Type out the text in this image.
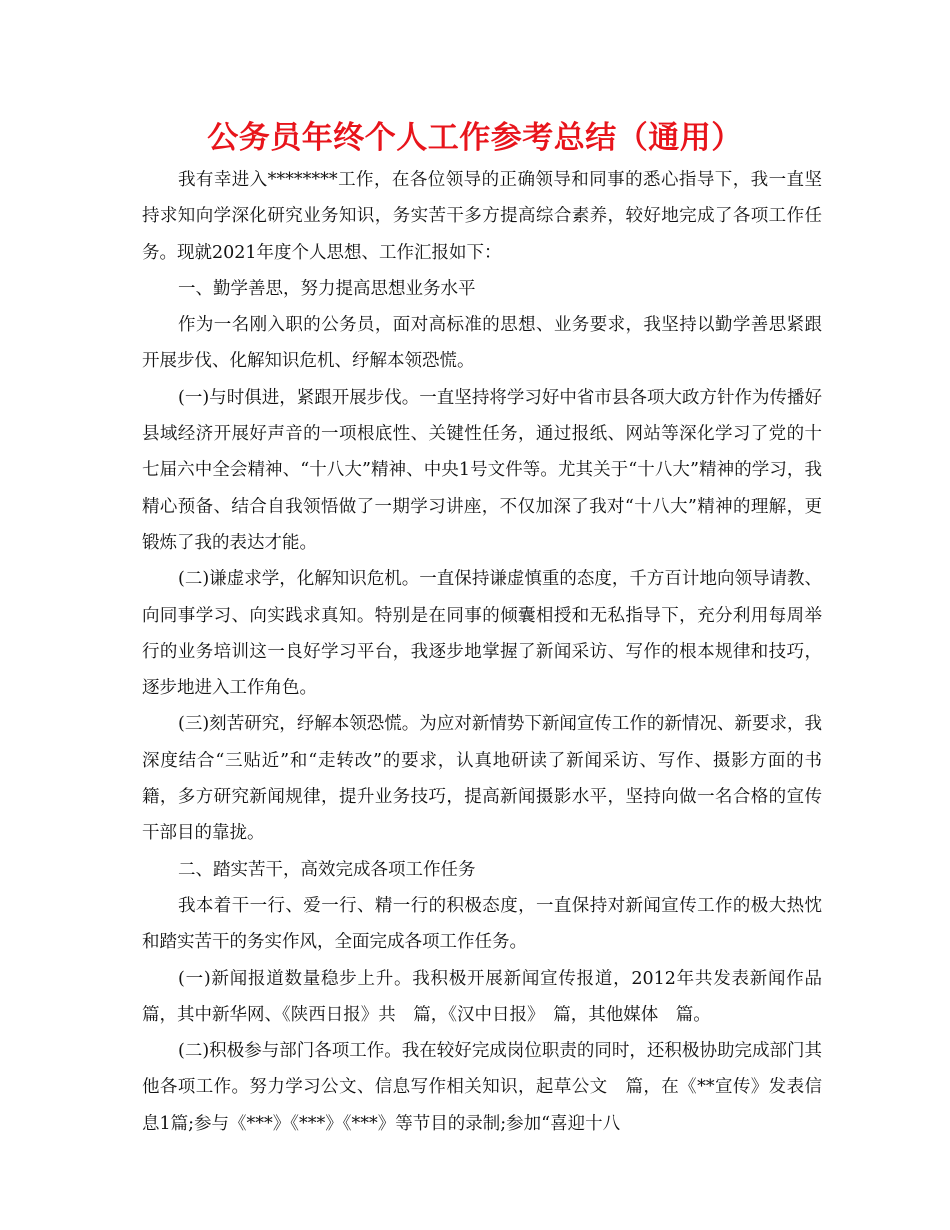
公务员年终个人工作参考总结（通用）

我有幸进入********工作，在各位领导的正确领导和同事的悉心指导下，我一直坚持求知向学深化研究业务知识，务实苦干多方提高综合素养，较好地完成了各项工作任务。现就2021年度个人思想、工作汇报如下：

一、勤学善思，努力提高思想业务水平

作为一名刚入职的公务员，面对高标准的思想、业务要求，我坚持以勤学善思紧跟开展步伐、化解知识危机、纾解本领恐慌。

(一)与时俱进，紧跟开展步伐。一直坚持将学习好中省市县各项大政方针作为传播好县域经济开展好声音的一项根底性、关键性任务，通过报纸、网站等深化学习了党的十七届六中全会精神、“十八大”精神、中央1号文件等。尤其关于“十八大”精神的学习，我精心预备、结合自我领悟做了一期学习讲座，不仅加深了我对“十八大”精神的理解，更锻炼了我的表达才能。

(二)谦虚求学，化解知识危机。一直保持谦虚慎重的态度，千方百计地向领导请教、向同事学习、向实践求真知。特别是在同事的倾囊相授和无私指导下，充分利用每周举行的业务培训这一良好学习平台，我逐步地掌握了新闻采访、写作的根本规律和技巧，逐步地进入工作角色。

(三)刻苦研究，纾解本领恐慌。为应对新情势下新闻宣传工作的新情况、新要求，我深度结合“三贴近”和“走转改”的要求，认真地研读了新闻采访、写作、摄影方面的书籍，多方研究新闻规律，提升业务技巧，提高新闻摄影水平，坚持向做一名合格的宣传干部目的靠拢。

二、踏实苦干，高效完成各项工作任务

我本着干一行、爱一行、精一行的积极态度，一直保持对新闻宣传工作的极大热忱和踏实苦干的务实作风，全面完成各项工作任务。

(一)新闻报道数量稳步上升。我积极开展新闻宣传报道，2012年共发表新闻作品　篇，其中新华网、《陕西日报》共　篇，《汉中日报》　篇，其他媒体　篇。

(二)积极参与部门各项工作。我在较好完成岗位职责的同时，还积极协助完成部门其他各项工作。努力学习公文、信息写作相关知识，起草公文　篇，在《**宣传》发表信息1篇;参与《***》《***》《***》等节目的录制;参加“喜迎十八
